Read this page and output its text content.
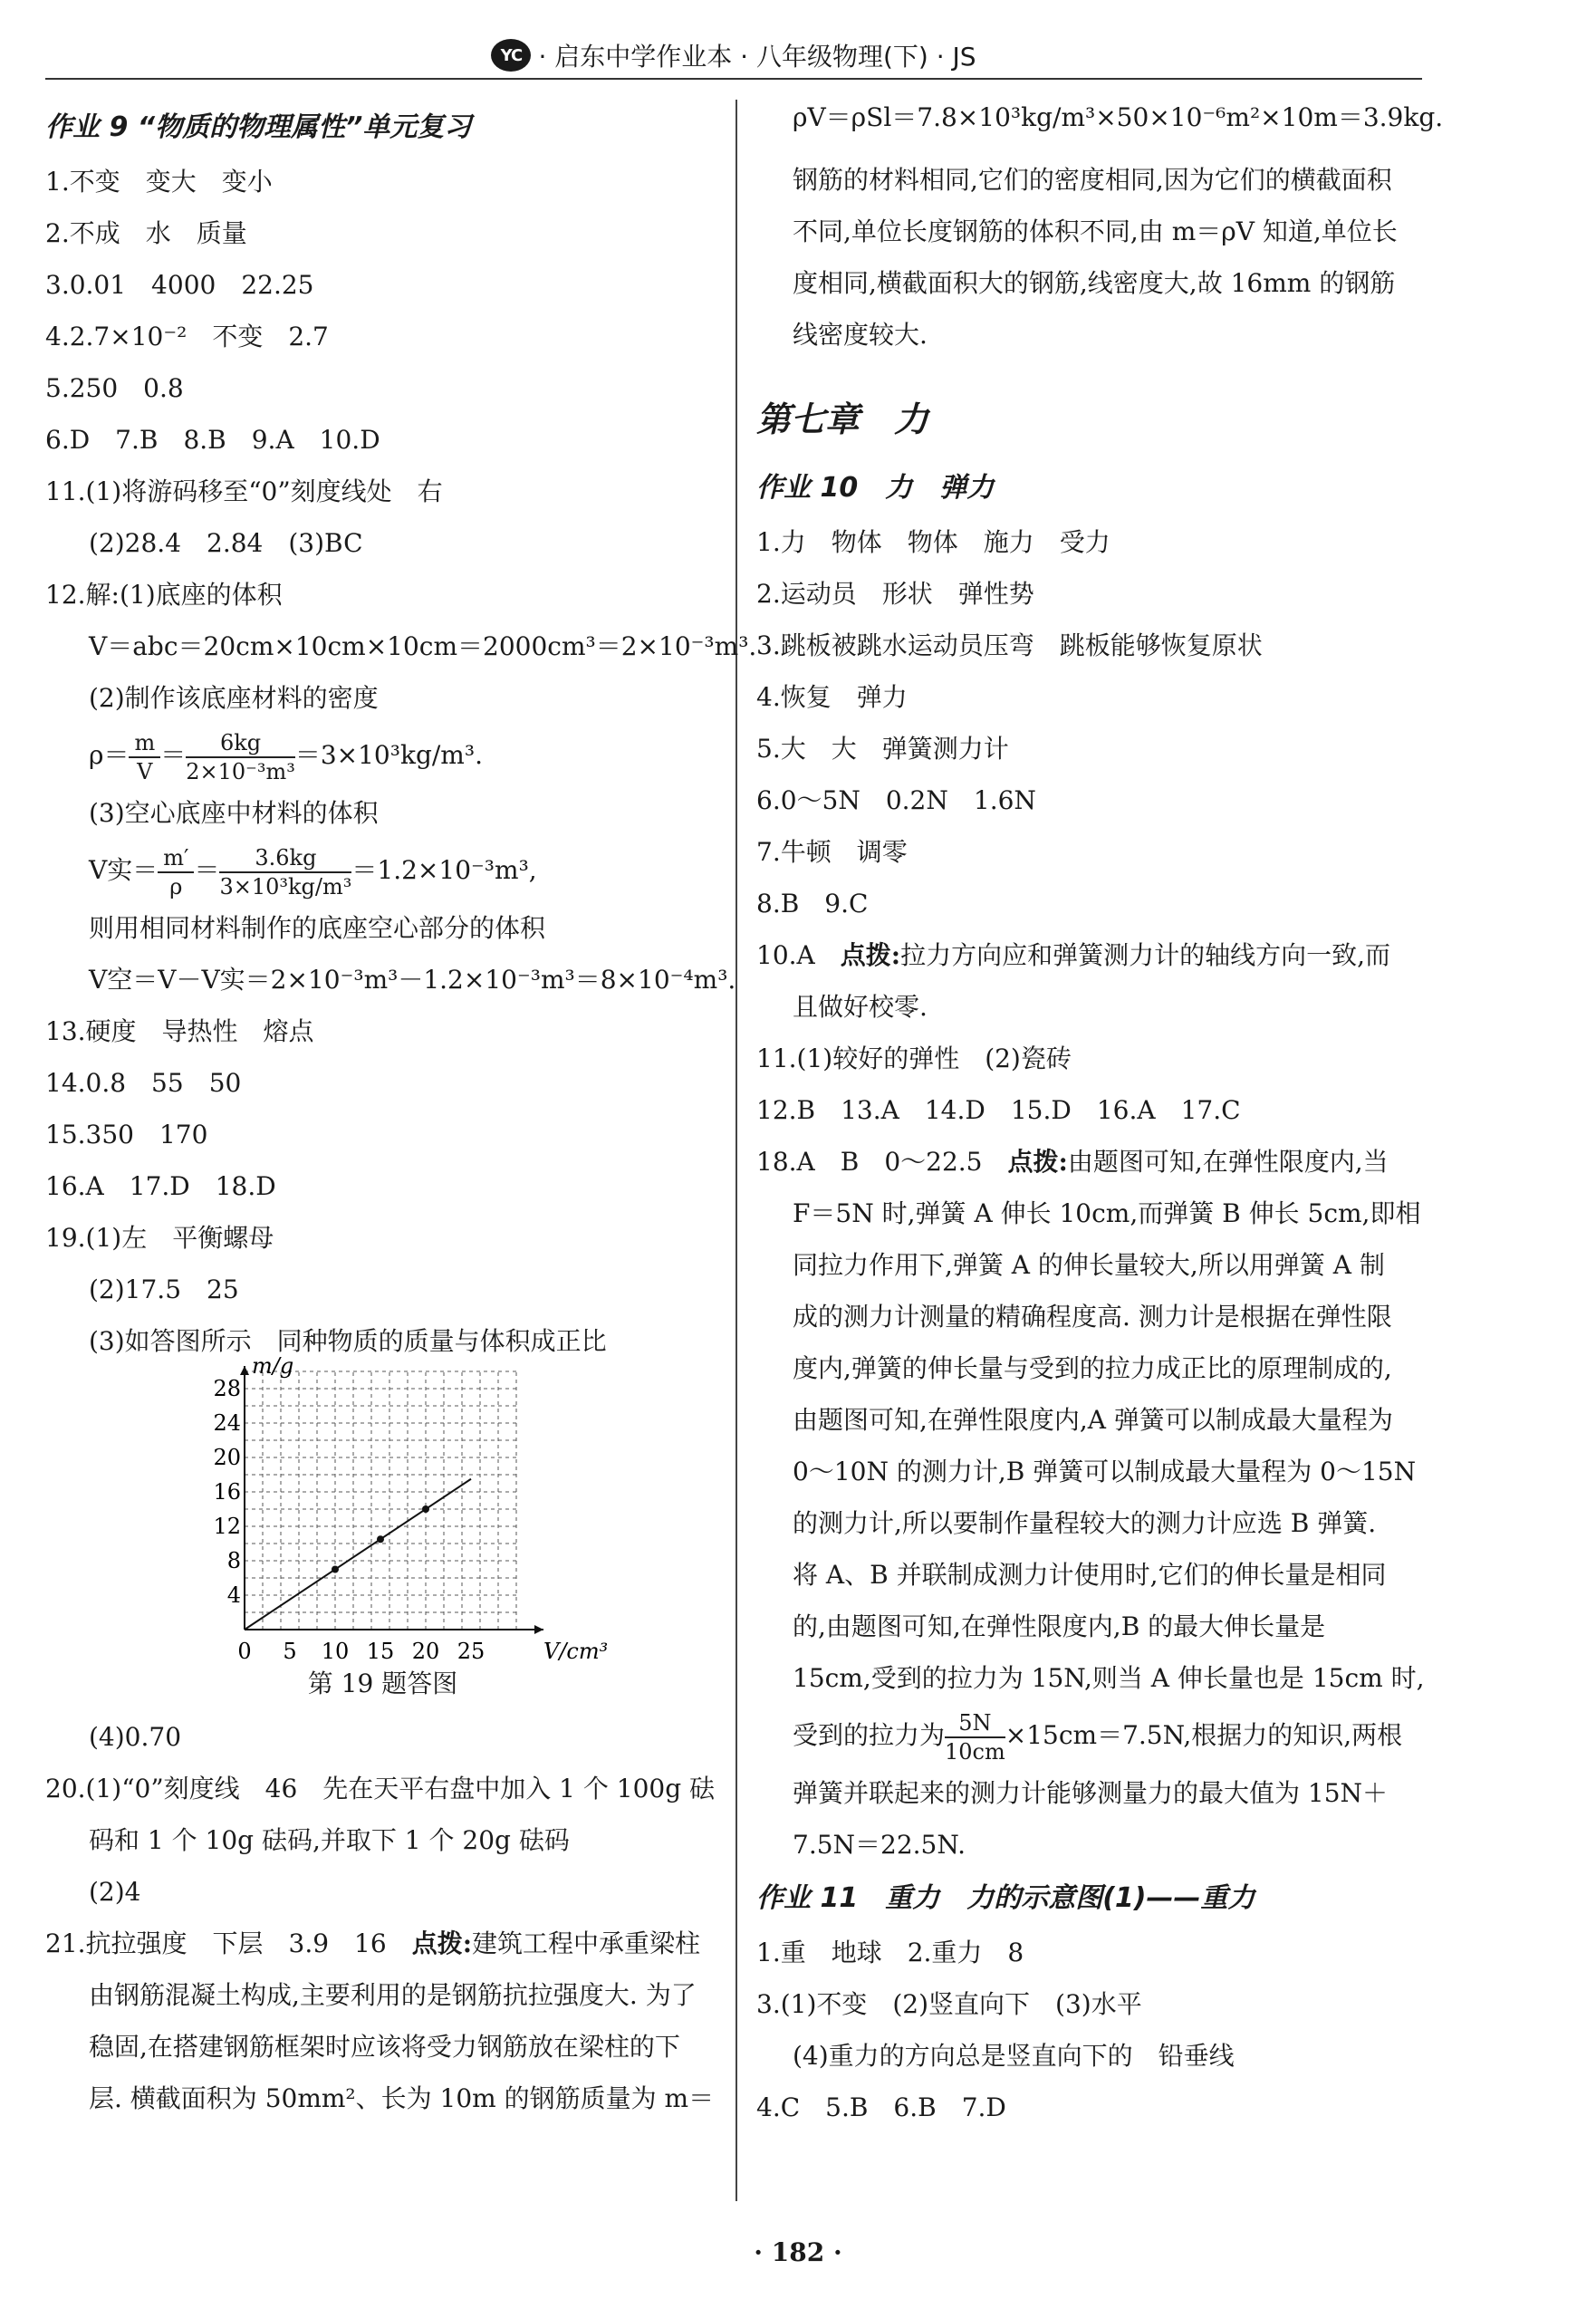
YC · 启东中学作业本 · 八年级物理(下) · JS
作业 9 “物质的物理属性”单元复习
1.不变　变大　变小
2.不成　水　质量
3.0.01　4000　22.25
4.2.7×10⁻²　不变　2.7
5.250　0.8
6.D　7.B　8.B　9.A　10.D
11.(1)将游码移至“0”刻度线处　右
(2)28.4　2.84　(3)BC
12.解:(1)底座的体积
V＝abc＝20cm×10cm×10cm＝2000cm³＝2×10⁻³m³.
(2)制作该底座材料的密度
$\rho= \frac{m}{V} = \frac{6kg}{\text{2×10⁻³m³}} =3\times 10^3kg/m^3$.
(3)空心底座中材料的体积
V实＝ $\frac{m'}{\rho} = \frac{3.6kg}{\text{3×10³kg/m³}} =1.2\times 10^{-3}m^3$,
则用相同材料制作的底座空心部分的体积
V空＝V－V实＝2×10⁻³m³－1.2×10⁻³m³＝8×10⁻⁴m³.
13.硬度　导热性　熔点
14.0.8　55　50
15.350　170
16.A　17.D　18.D
19.(1)左　平衡螺母
(2)17.5　25
(3)如答图所示　同种物质的质量与体积成正比
0 5 10 15 20 25
4
8
12
16
20
24
28
V/cm³
m/g
第 19 题答图
(4)0.70
20.(1)“0”刻度线　46　先在天平右盘中加入 1 个 100g 砝
码和 1 个 10g 砝码,并取下 1 个 20g 砝码
(2)4
21.抗拉强度　下层　3.9　16　点拨:建筑工程中承重梁柱
由钢筋混凝土构成,主要利用的是钢筋抗拉强度大. 为了
稳固,在搭建钢筋框架时应该将受力钢筋放在梁柱的下
层. 横截面积为 50mm²、长为 10m 的钢筋质量为 m＝
ρV＝ρSl＝7.8×10³kg/m³×50×10⁻⁶m²×10m＝3.9kg.
钢筋的材料相同,它们的密度相同,因为它们的横截面积
不同,单位长度钢筋的体积不同,由 m＝ρV 知道,单位长
度相同,横截面积大的钢筋,线密度大,故 16mm 的钢筋
线密度较大.
第七章　力
作业 10　力　弹力
1.力　物体　物体　施力　受力
2.运动员　形状　弹性势
3.跳板被跳水运动员压弯　跳板能够恢复原状
4.恢复　弹力
5.大　大　弹簧测力计
6.0～5N　0.2N　1.6N
7.牛顿　调零
8.B　9.C
10.A　点拨:拉力方向应和弹簧测力计的轴线方向一致,而
且做好校零.
11.(1)较好的弹性　(2)瓷砖
12.B　13.A　14.D　15.D　16.A　17.C
18.A　B　0～22.5　点拨:由题图可知,在弹性限度内,当
F＝5N 时,弹簧 A 伸长 10cm,而弹簧 B 伸长 5cm,即相
同拉力作用下,弹簧 A 的伸长量较大,所以用弹簧 A 制
成的测力计测量的精确程度高. 测力计是根据在弹性限
度内,弹簧的伸长量与受到的拉力成正比的原理制成的,
由题图可知,在弹性限度内,A 弹簧可以制成最大量程为
0～10N 的测力计,B 弹簧可以制成最大量程为 0～15N
的测力计,所以要制作量程较大的测力计应选 B 弹簧.
将 A、B 并联制成测力计使用时,它们的伸长量是相同
的,由题图可知,在弹性限度内,B 的最大伸长量是
15cm,受到的拉力为 15N,则当 A 伸长量也是 15cm 时,
受到的拉力为 $\frac{5N}{10cm} \times 15cm=7.5N$,根据力的知识,两根
弹簧并联起来的测力计能够测量力的最大值为 15N＋
7.5N＝22.5N.
作业 11　重力　力的示意图(1)——重力
1.重　地球　2.重力　8
3.(1)不变　(2)竖直向下　(3)水平
(4)重力的方向总是竖直向下的　铅垂线
4.C　5.B　6.B　7.D
· 182 ·
